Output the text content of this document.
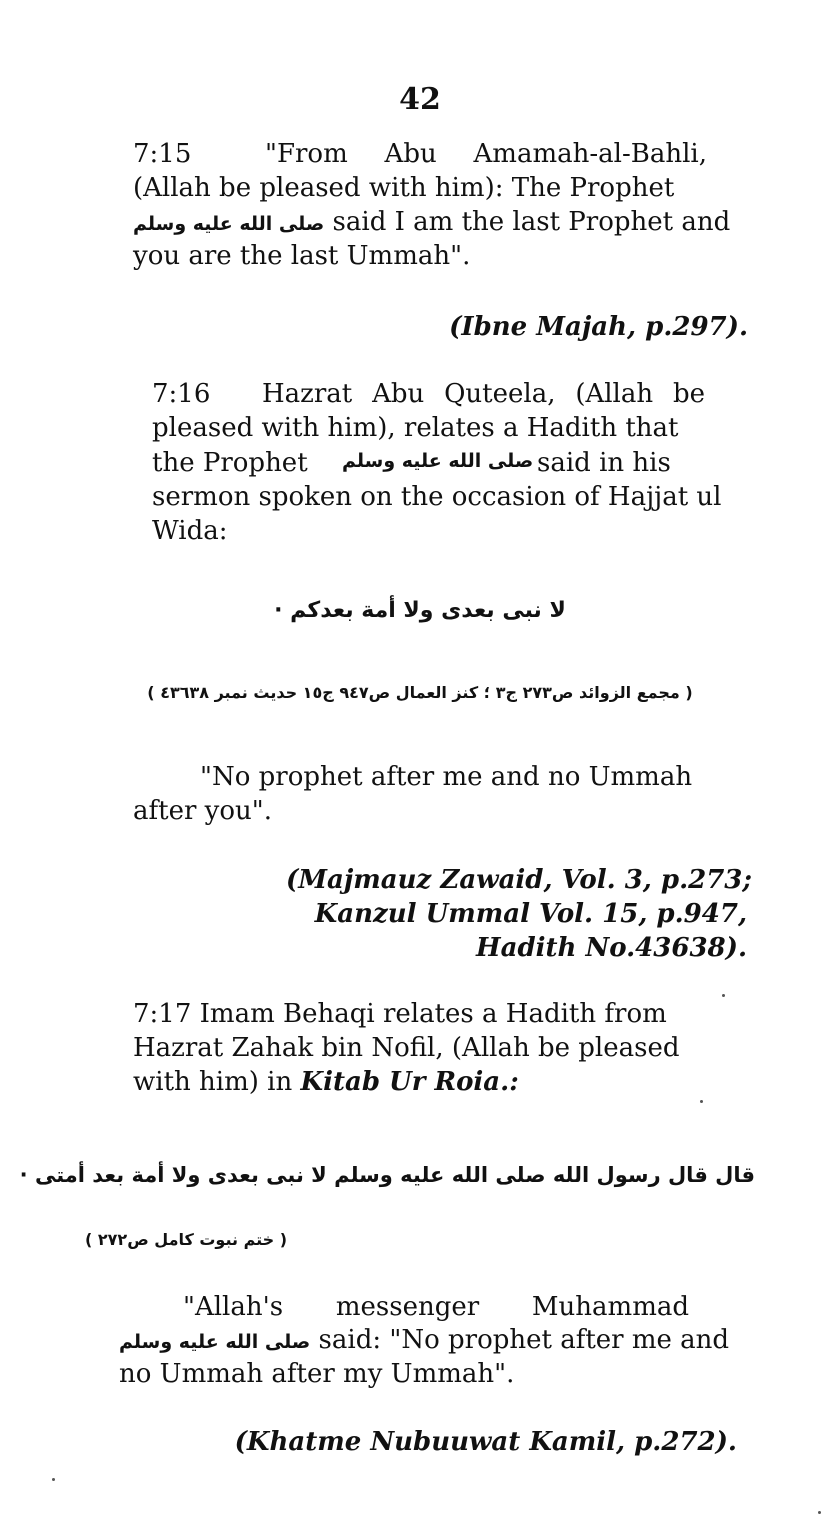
42
7:15	"From Abu Amamah-al-Bahli,
(Allah be pleased with him): The Prophet
صلى الله عليه وسلم said I am the last Prophet and
you are the last Ummah".
(Ibne Majah, p.297).
7:16 Hazrat Abu Quteela, (Allah be
pleased with him), relates a Hadith that
the Prophet صلى الله عليه وسلم said in his
sermon spoken on the occasion of Hajjat ul
Wida:
لا نبى بعدى ولا أمة بعدكم ·
( مجمع الزوائد ص٢٧٣ ج٣ ؛ كنز العمال ص٩٤٧ ج١٥ حديث نمبر ٤٣٦٣٨ )
"No prophet after me and no Ummah
after you".
(Majmauz Zawaid, Vol. 3, p.273;
Kanzul Ummal Vol. 15, p.947,
Hadith No.43638).
7:17 Imam Behaqi relates a Hadith from
Hazrat Zahak bin Nofil, (Allah be pleased
with him) in Kitab Ur Roia.:
قال قال رسول الله صلى الله عليه وسلم لا نبى بعدى ولا أمة بعد أمتى ·
( ختم نبوت كامل ص٢٧٢ )
"Allah's messenger Muhammad
صلى الله عليه وسلم said: "No prophet after me and
no Ummah after my Ummah".
(Khatme Nubuuwat Kamil, p.272).
